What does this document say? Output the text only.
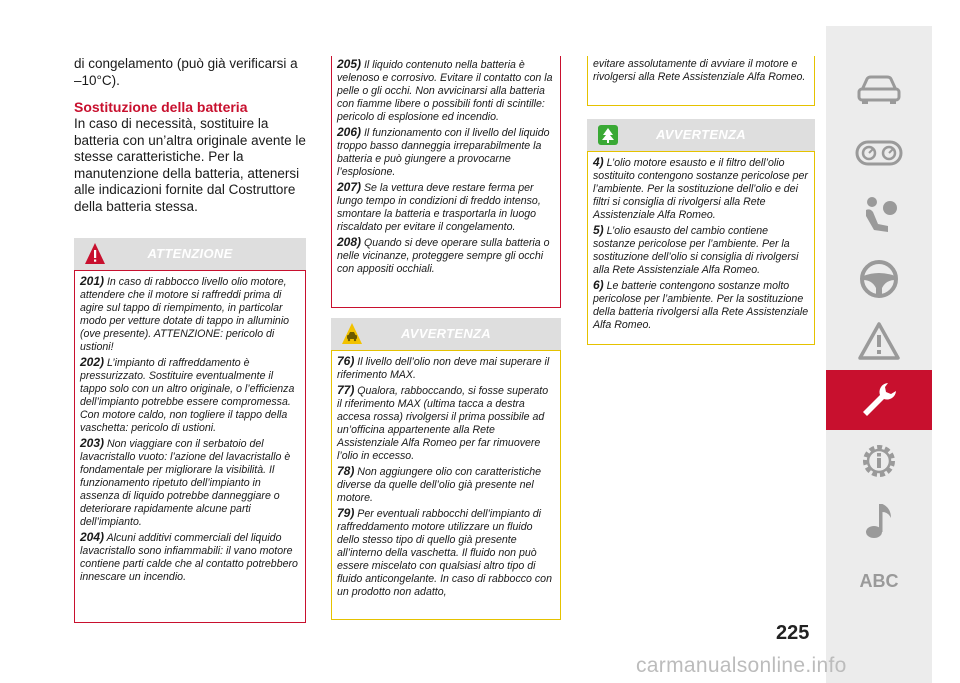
di congelamento (può già verificarsi a –10°C).

Sostituzione della batteria

In caso di necessità, sostituire la batteria con un’altra originale avente le stesse caratteristiche. Per la manutenzione della batteria, attenersi alle indicazioni fornite dal Costruttore della batteria stessa.

ATTENZIONE

201) In caso di rabbocco livello olio motore, attendere che il motore si raffreddi prima di agire sul tappo di riempimento, in particolar modo per vetture dotate di tappo in alluminio (ove presente). ATTENZIONE: pericolo di ustioni!

202) L’impianto di raffreddamento è pressurizzato. Sostituire eventualmente il tappo solo con un altro originale, o l’efficienza dell’impianto potrebbe essere compromessa. Con motore caldo, non togliere il tappo della vaschetta: pericolo di ustioni.

203) Non viaggiare con il serbatoio del lavacristallo vuoto: l’azione del lavacristallo è fondamentale per migliorare la visibilità. Il funzionamento ripetuto dell’impianto in assenza di liquido potrebbe danneggiare o deteriorare rapidamente alcune parti dell’impianto.

204) Alcuni additivi commerciali del liquido lavacristallo sono infiammabili: il vano motore contiene parti calde che al contatto potrebbero innescare un incendio.

205) Il liquido contenuto nella batteria è velenoso e corrosivo. Evitare il contatto con la pelle o gli occhi. Non avvicinarsi alla batteria con fiamme libere o possibili fonti di scintille: pericolo di esplosione ed incendio.

206) Il funzionamento con il livello del liquido troppo basso danneggia irreparabilmente la batteria e può giungere a provocarne l’esplosione.

207) Se la vettura deve restare ferma per lungo tempo in condizioni di freddo intenso, smontare la batteria e trasportarla in luogo riscaldato per evitare il congelamento.

208) Quando si deve operare sulla batteria o nelle vicinanze, proteggere sempre gli occhi con appositi occhiali.

AVVERTENZA

76) Il livello dell’olio non deve mai superare il riferimento MAX.

77) Qualora, rabboccando, si fosse superato il riferimento MAX (ultima tacca a destra accesa rossa) rivolgersi il prima possibile ad un’officina appartenente alla Rete Assistenziale Alfa Romeo per far rimuovere l’olio in eccesso.

78) Non aggiungere olio con caratteristiche diverse da quelle dell’olio già presente nel motore.

79) Per eventuali rabbocchi dell’impianto di raffreddamento motore utilizzare un fluido dello stesso tipo di quello già presente all’interno della vaschetta. Il fluido non può essere miscelato con qualsiasi altro tipo di fluido anticongelante. In caso di rabbocco con un prodotto non adatto,

evitare assolutamente di avviare il motore e rivolgersi alla Rete Assistenziale Alfa Romeo.

AVVERTENZA

4) L’olio motore esausto e il filtro dell’olio sostituito contengono sostanze pericolose per l’ambiente. Per la sostituzione dell’olio e dei filtri si consiglia di rivolgersi alla Rete Assistenziale Alfa Romeo.

5) L’olio esausto del cambio contiene sostanze pericolose per l’ambiente. Per la sostituzione dell’olio si consiglia di rivolgersi alla Rete Assistenziale Alfa Romeo.

6) Le batterie contengono sostanze molto pericolose per l’ambiente. Per la sostituzione della batteria rivolgersi alla Rete Assistenziale Alfa Romeo.

ABC
225
carmanualsonline.info
